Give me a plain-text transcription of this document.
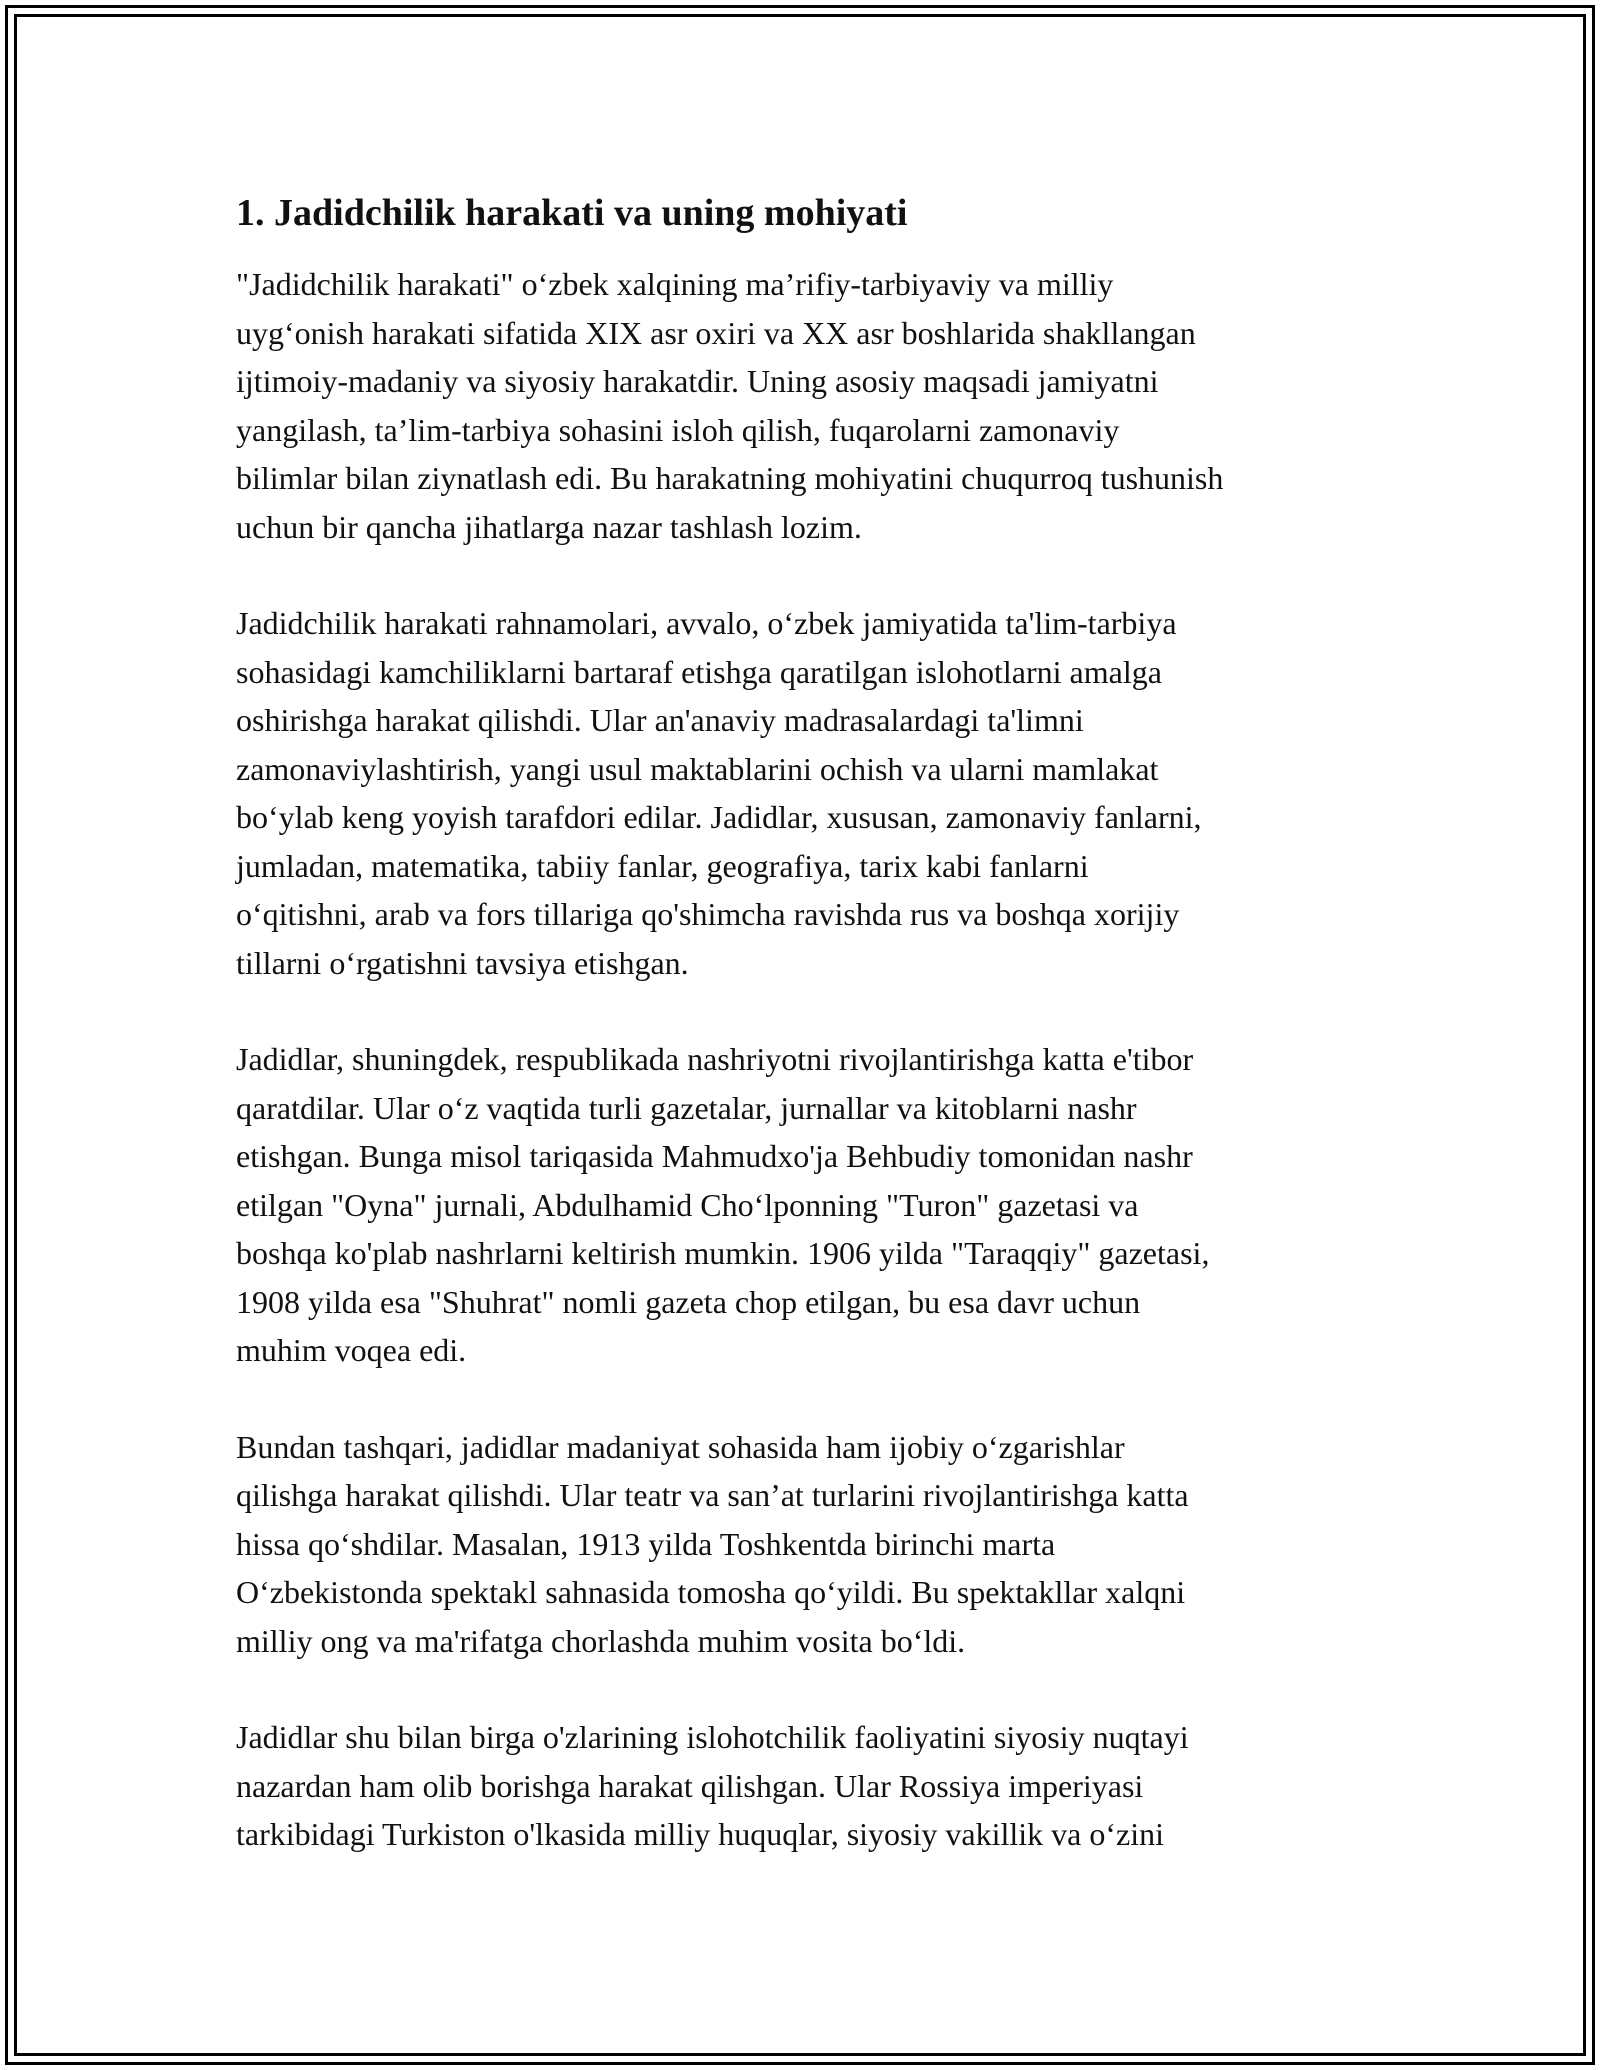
1. Jadidchilik harakati va uning mohiyati
"Jadidchilik harakati" o‘zbek xalqining ma’rifiy-tarbiyaviy va milliy
uyg‘onish harakati sifatida XIX asr oxiri va XX asr boshlarida shakllangan
ijtimoiy-madaniy va siyosiy harakatdir. Uning asosiy maqsadi jamiyatni
yangilash, ta’lim-tarbiya sohasini isloh qilish, fuqarolarni zamonaviy
bilimlar bilan ziynatlash edi. Bu harakatning mohiyatini chuqurroq tushunish
uchun bir qancha jihatlarga nazar tashlash lozim.
Jadidchilik harakati rahnamolari, avvalo, o‘zbek jamiyatida ta'lim-tarbiya
sohasidagi kamchiliklarni bartaraf etishga qaratilgan islohotlarni amalga
oshirishga harakat qilishdi. Ular an'anaviy madrasalardagi ta'limni
zamonaviylashtirish, yangi usul maktablarini ochish va ularni mamlakat
bo‘ylab keng yoyish tarafdori edilar. Jadidlar, xususan, zamonaviy fanlarni,
jumladan, matematika, tabiiy fanlar, geografiya, tarix kabi fanlarni
o‘qitishni, arab va fors tillariga qo'shimcha ravishda rus va boshqa xorijiy
tillarni o‘rgatishni tavsiya etishgan.
Jadidlar, shuningdek, respublikada nashriyotni rivojlantirishga katta e'tibor
qaratdilar. Ular o‘z vaqtida turli gazetalar, jurnallar va kitoblarni nashr
etishgan. Bunga misol tariqasida Mahmudxo'ja Behbudiy tomonidan nashr
etilgan "Oyna" jurnali, Abdulhamid Cho‘lponning "Turon" gazetasi va
boshqa ko'plab nashrlarni keltirish mumkin. 1906 yilda "Taraqqiy" gazetasi,
1908 yilda esa "Shuhrat" nomli gazeta chop etilgan, bu esa davr uchun
muhim voqea edi.
Bundan tashqari, jadidlar madaniyat sohasida ham ijobiy o‘zgarishlar
qilishga harakat qilishdi. Ular teatr va san’at turlarini rivojlantirishga katta
hissa qo‘shdilar. Masalan, 1913 yilda Toshkentda birinchi marta
O‘zbekistonda spektakl sahnasida tomosha qo‘yildi. Bu spektakllar xalqni
milliy ong va ma'rifatga chorlashda muhim vosita bo‘ldi.
Jadidlar shu bilan birga o'zlarining islohotchilik faoliyatini siyosiy nuqtayi
nazardan ham olib borishga harakat qilishgan. Ular Rossiya imperiyasi
tarkibidagi Turkiston o'lkasida milliy huquqlar, siyosiy vakillik va o‘zini
